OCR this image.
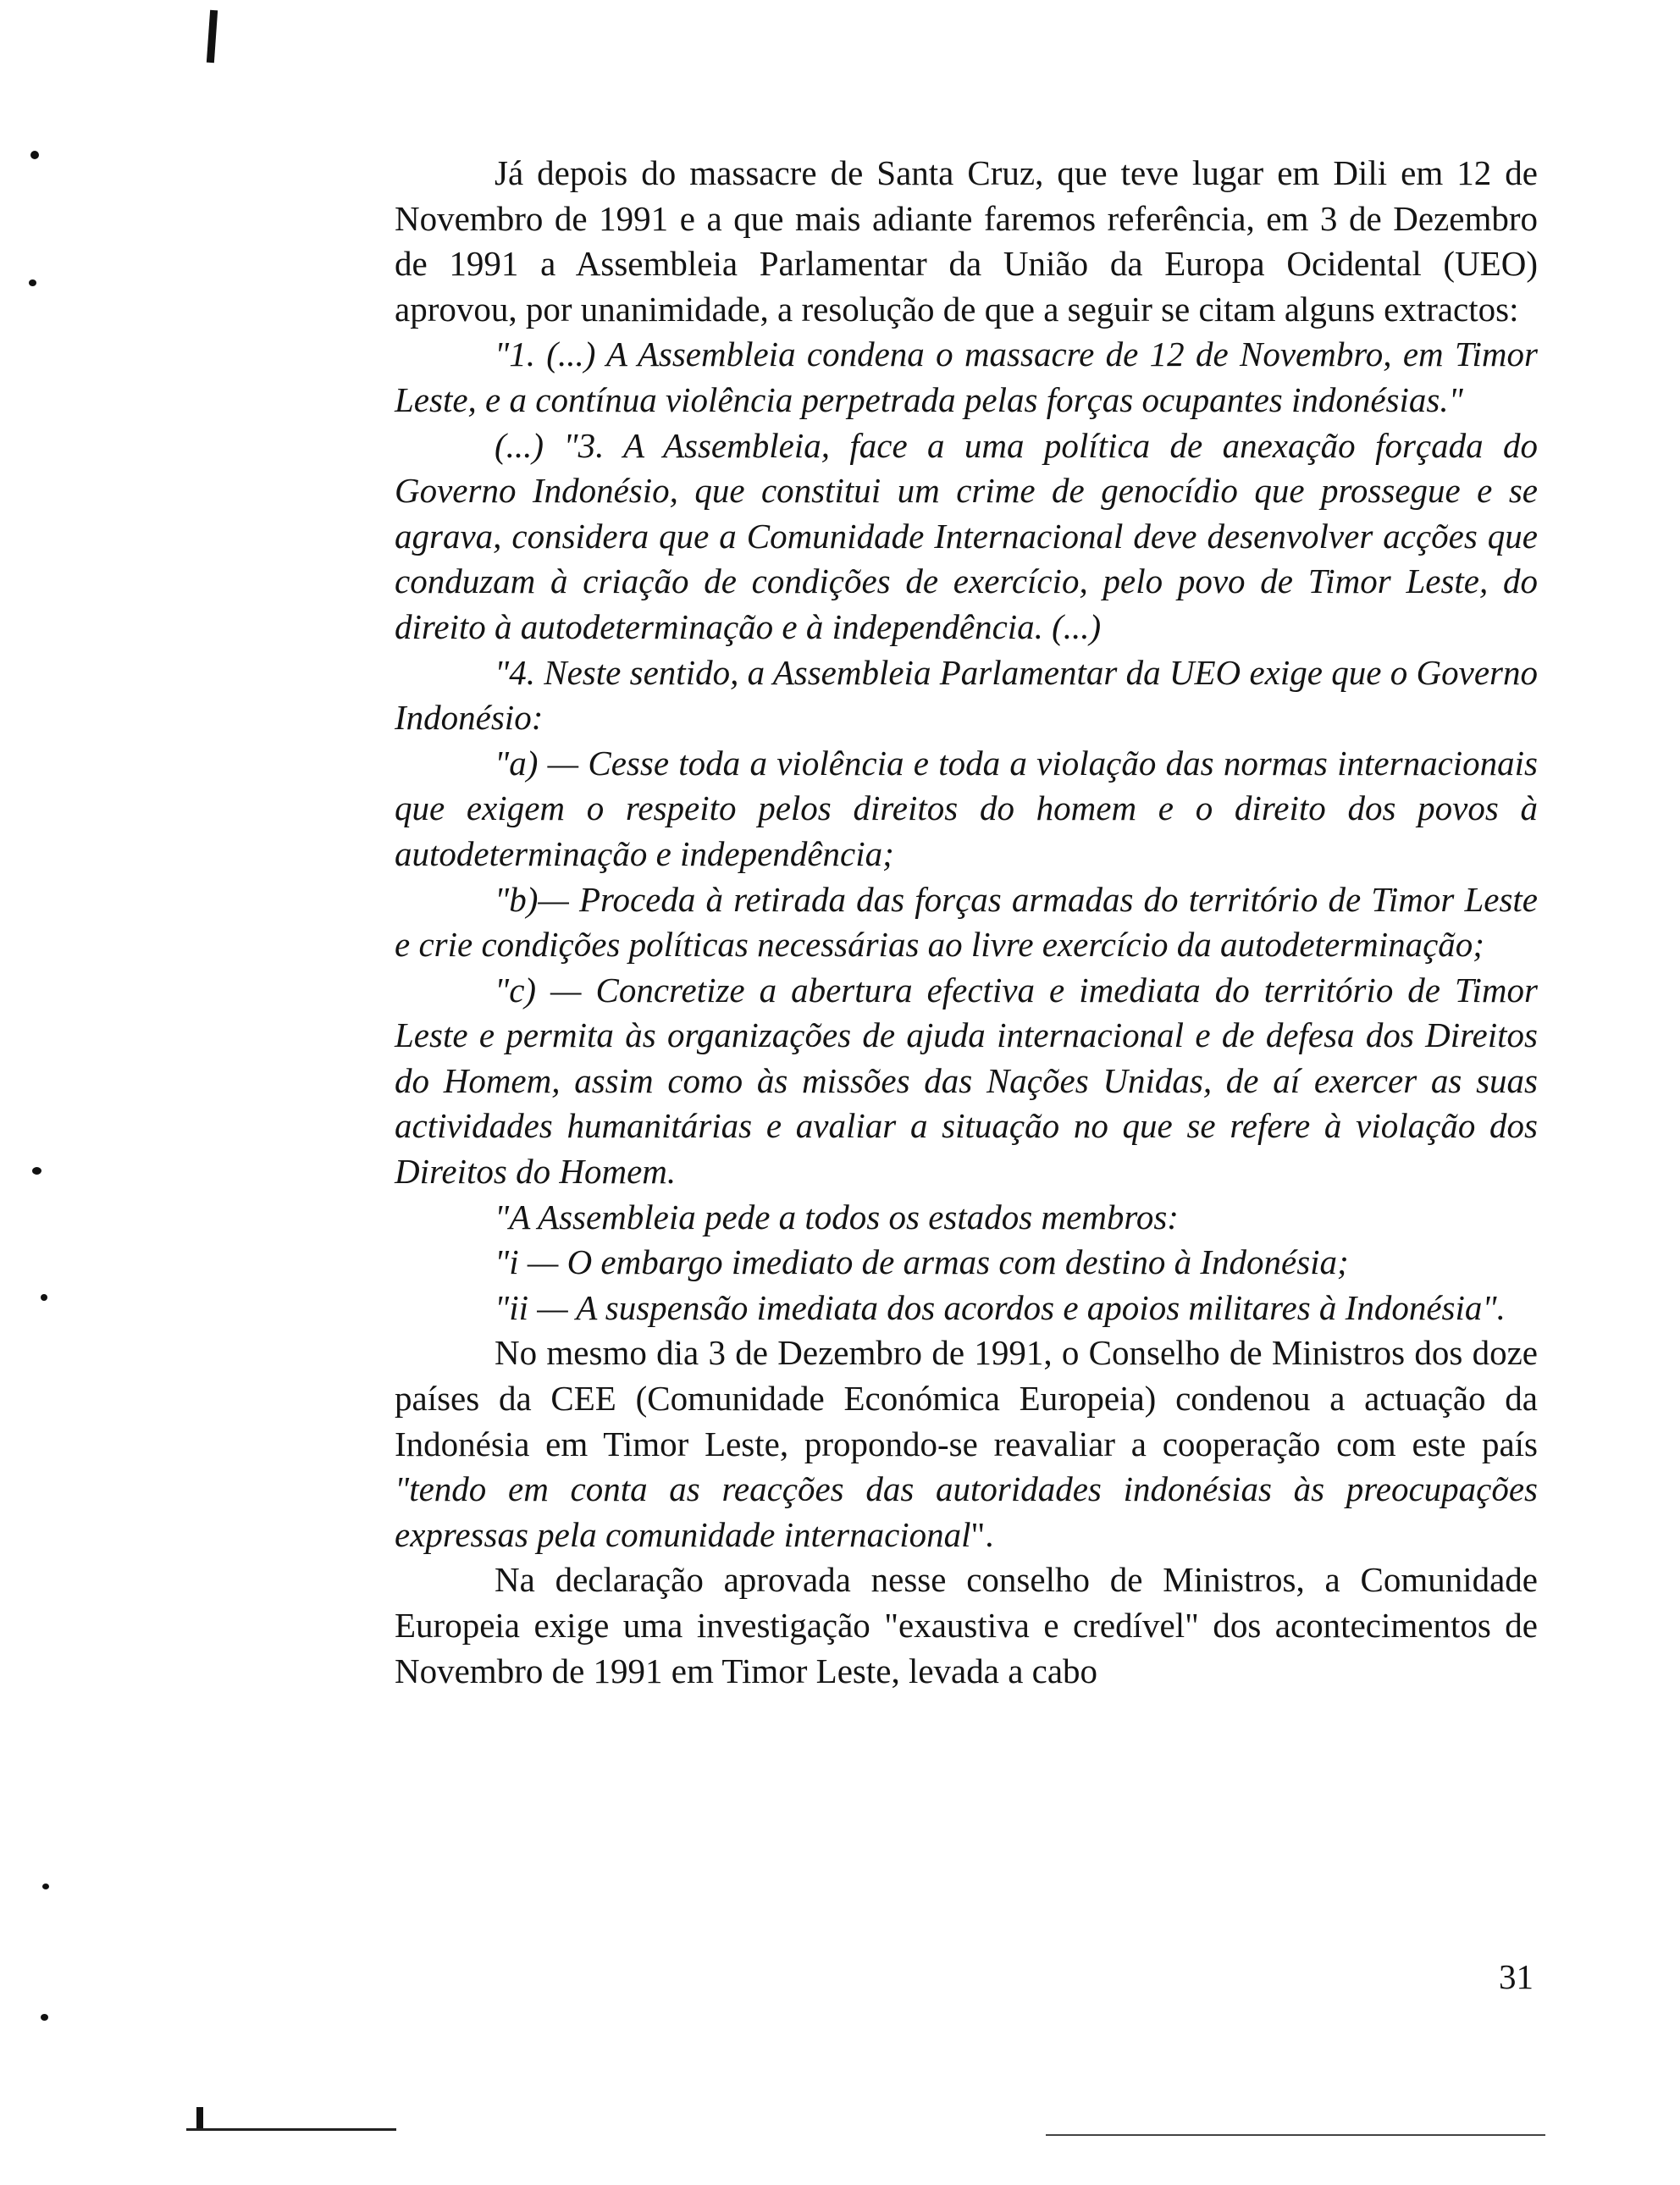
Já depois do massacre de Santa Cruz, que teve lugar em Dili em 12 de Novembro de 1991 e a que mais adiante faremos referência, em 3 de Dezembro de 1991 a Assembleia Parlamentar da União da Europa Ocidental (UEO) aprovou, por unanimidade, a resolução de que a seguir se citam alguns extractos:

"1. (...) A Assembleia condena o massacre de 12 de Novembro, em Timor Leste, e a contínua violência perpetrada pelas forças ocupantes indonésias."

(...) "3. A Assembleia, face a uma política de anexação forçada do Governo Indonésio, que constitui um crime de genocídio que prossegue e se agrava, considera que a Comunidade Internacional deve desenvolver acções que conduzam à criação de condições de exercício, pelo povo de Timor Leste, do direito à autodeterminação e à independência. (...)

"4. Neste sentido, a Assembleia Parlamentar da UEO exige que o Governo Indonésio:

"a) — Cesse toda a violência e toda a violação das normas internacionais que exigem o respeito pelos direitos do homem e o direito dos povos à autodeterminação e independência;

"b)— Proceda à retirada das forças armadas do território de Timor Leste e crie condições políticas necessárias ao livre exercício da autodeterminação;

"c) — Concretize a abertura efectiva e imediata do território de Timor Leste e permita às organizações de ajuda internacional e de defesa dos Direitos do Homem, assim como às missões das Nações Unidas, de aí exercer as suas actividades humanitárias e avaliar a situação no que se refere à violação dos Direitos do Homem.

"A Assembleia pede a todos os estados membros:

"i — O embargo imediato de armas com destino à Indonésia;

"ii — A suspensão imediata dos acordos e apoios militares à Indonésia".

No mesmo dia 3 de Dezembro de 1991, o Conselho de Ministros dos doze países da CEE (Comunidade Económica Europeia) condenou a actuação da Indonésia em Timor Leste, propondo-se reavaliar a cooperação com este país "tendo em conta as reacções das autoridades indonésias às preocupações expressas pela comunidade internacional".

Na declaração aprovada nesse conselho de Ministros, a Comunidade Europeia exige uma investigação "exaustiva e credível" dos acontecimentos de Novembro de 1991 em Timor Leste, levada a cabo

31
